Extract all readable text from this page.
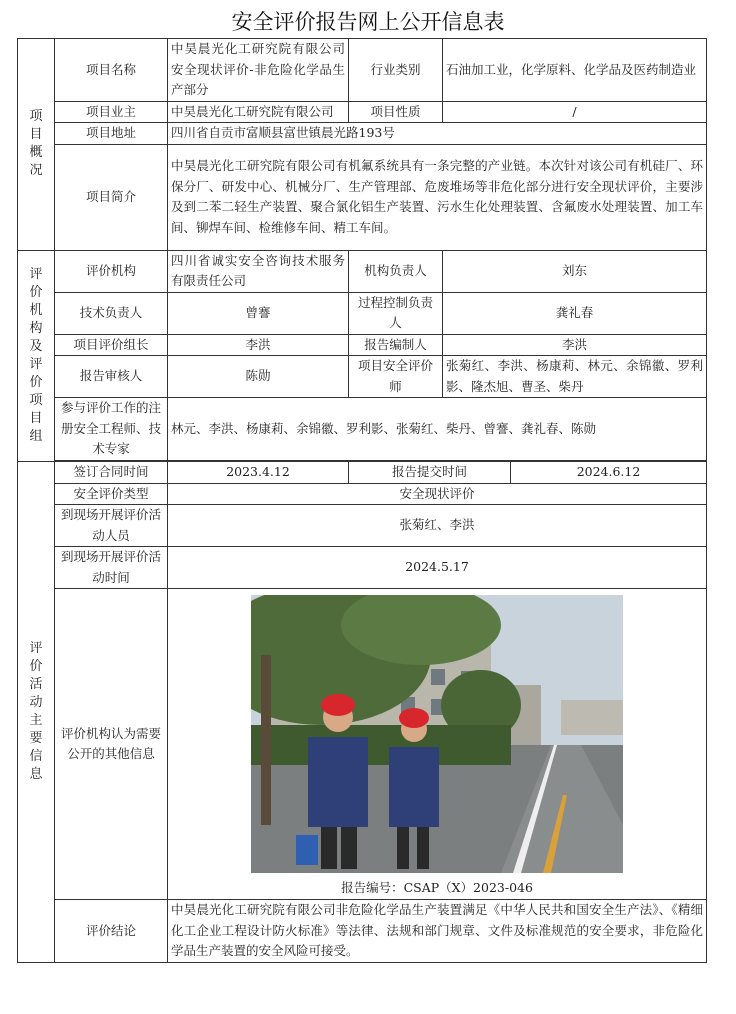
安全评价报告网上公开信息表
项目概况	项目名称	中昊晨光化工研究院有限公司安全现状评价-非危险化学品生产部分	行业类别	石油加工业，化学原料、化学品及医药制造业	
	项目业主	中昊晨光化工研究院有限公司	项目性质	/	
	项目地址	四川省自贡市富顺县富世镇晨光路193号			
	项目简介	中昊晨光化工研究院有限公司有机氟系统具有一条完整的产业链。本次针对该公司有机硅厂、环保分厂、研发中心、机械分厂、生产管理部、危废堆场等非危化部分进行安全现状评价，主要涉及到二苯二轻生产装置、聚合氯化铝生产装置、污水生化处理装置、含氟废水处理装置、加工车间、铆焊车间、检维修车间、精工车间。			
评价机构及评价项目组	评价机构	四川省诚实安全咨询技术服务有限责任公司	机构负责人	刘东	
	技术负责人	曾謇	过程控制负责人	龚礼春	
	项目评价组长	李洪	报告编制人	李洪	
	报告审核人	陈勋	项目安全评价师	张菊红、李洪、杨康莉、林元、余锦徽、罗利影、隆杰旭、曹圣、柴丹	
	参与评价工作的注册安全工程师、技术专家	林元、李洪、杨康莉、余锦徽、罗利影、张菊红、柴丹、曾謇、龚礼春、陈勋			

评价活动主要信息	签订合同时间	2023.4.12	报告提交时间		2024.6.12
	安全评价类型	安全现状评价			
	到现场开展评价活动人员	张菊红、李洪			
	到现场开展评价活动时间	2024.5.17			
	评价机构认为需要公开的其他信息	报告编号：CSAP（X）2023-046			

	评价结论	中昊晨光化工研究院有限公司非危险化学品生产装置满足《中华人民共和国安全生产法》、《精细化工企业工程设计防火标准》等法律、法规和部门规章、文件及标准规范的安全要求，非危险化学品生产装置的安全风险可接受。			
